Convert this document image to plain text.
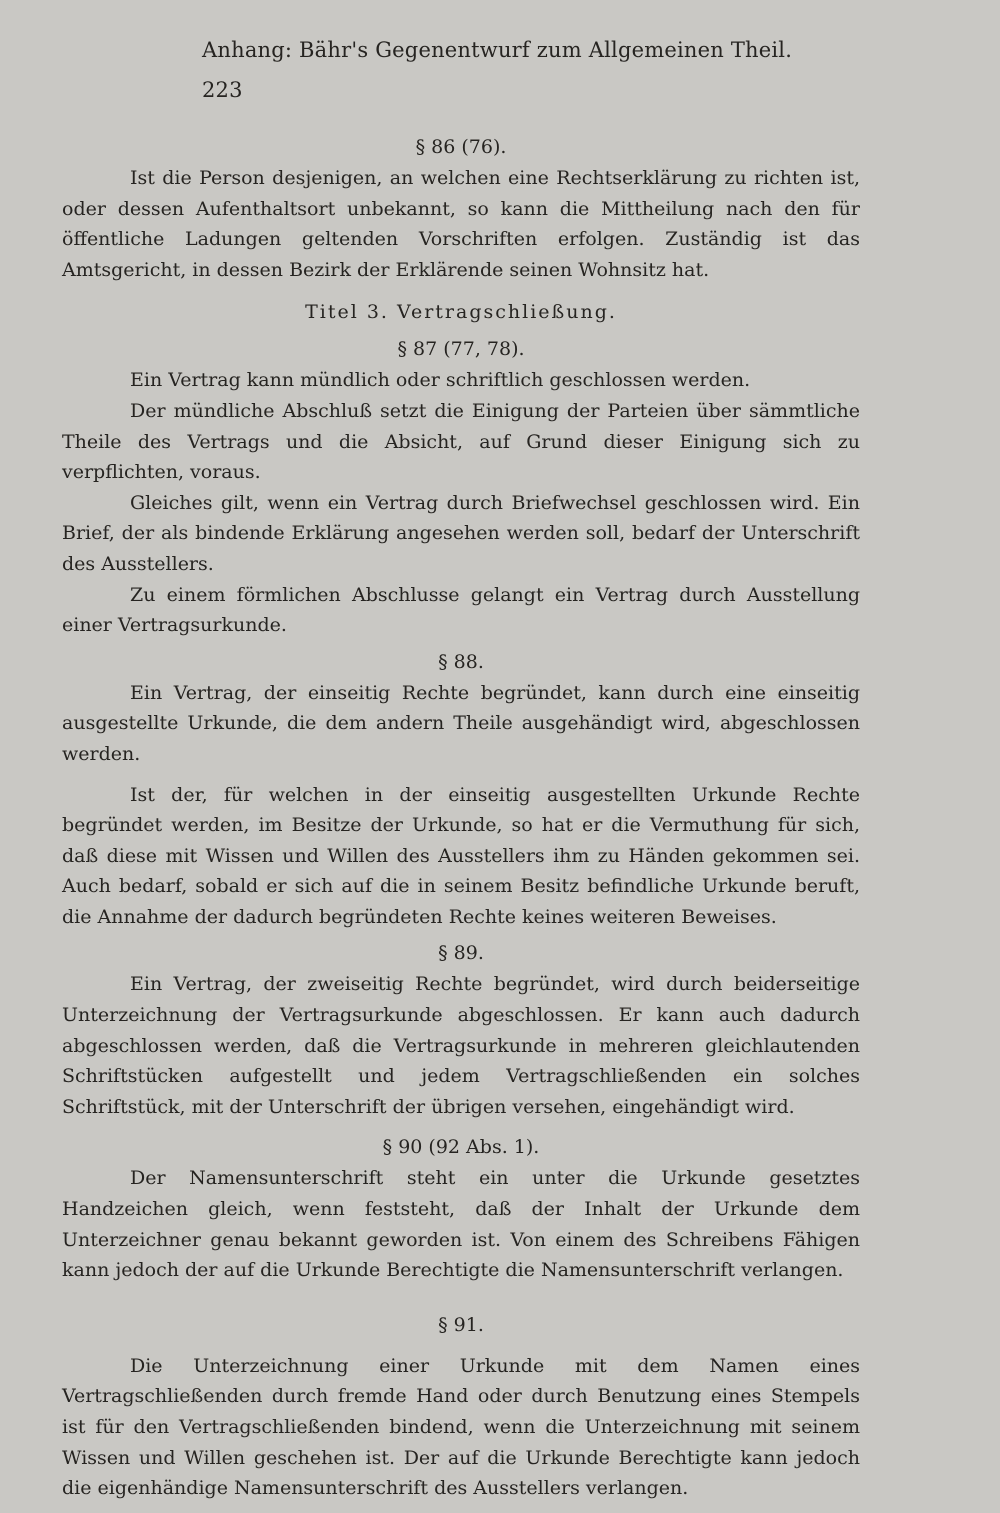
Anhang: Bähr's Gegenentwurf zum Allgemeinen Theil.
223
§ 86 (76).

Ist die Person desjenigen, an welchen eine Rechtserklärung zu richten ist, oder dessen Aufenthaltsort unbekannt, so kann die Mittheilung nach den für öffentliche Ladungen geltenden Vorschriften erfolgen. Zuständig ist das Amtsgericht, in dessen Bezirk der Erklärende seinen Wohnsitz hat.

Titel 3. Vertragschließung.
§ 87 (77, 78).

Ein Vertrag kann mündlich oder schriftlich geschlossen werden.

Der mündliche Abschluß setzt die Einigung der Parteien über sämmtliche Theile des Vertrags und die Absicht, auf Grund dieser Einigung sich zu verpflichten, voraus.

Gleiches gilt, wenn ein Vertrag durch Briefwechsel geschlossen wird. Ein Brief, der als bindende Erklärung angesehen werden soll, bedarf der Unterschrift des Ausstellers.

Zu einem förmlichen Abschlusse gelangt ein Vertrag durch Ausstellung einer Vertragsurkunde.

§ 88.

Ein Vertrag, der einseitig Rechte begründet, kann durch eine einseitig ausgestellte Urkunde, die dem andern Theile ausgehändigt wird, abgeschlossen werden.

Ist der, für welchen in der einseitig ausgestellten Urkunde Rechte begründet werden, im Besitze der Urkunde, so hat er die Vermuthung für sich, daß diese mit Wissen und Willen des Ausstellers ihm zu Händen gekommen sei. Auch bedarf, sobald er sich auf die in seinem Besitz befindliche Urkunde beruft, die Annahme der dadurch begründeten Rechte keines weiteren Beweises.

§ 89.

Ein Vertrag, der zweiseitig Rechte begründet, wird durch beiderseitige Unterzeichnung der Vertragsurkunde abgeschlossen. Er kann auch dadurch abgeschlossen werden, daß die Vertragsurkunde in mehreren gleichlautenden Schriftstücken aufgestellt und jedem Vertragschließenden ein solches Schriftstück, mit der Unterschrift der übrigen versehen, eingehändigt wird.

§ 90 (92 Abs. 1).

Der Namensunterschrift steht ein unter die Urkunde gesetztes Handzeichen gleich, wenn feststeht, daß der Inhalt der Urkunde dem Unterzeichner genau bekannt geworden ist. Von einem des Schreibens Fähigen kann jedoch der auf die Urkunde Berechtigte die Namensunterschrift verlangen.

§ 91.

Die Unterzeichnung einer Urkunde mit dem Namen eines Vertragschließenden durch fremde Hand oder durch Benutzung eines Stempels ist für den Vertragschließenden bindend, wenn die Unterzeichnung mit seinem Wissen und Willen geschehen ist. Der auf die Urkunde Berechtigte kann jedoch die eigenhändige Namensunterschrift des Ausstellers verlangen.
